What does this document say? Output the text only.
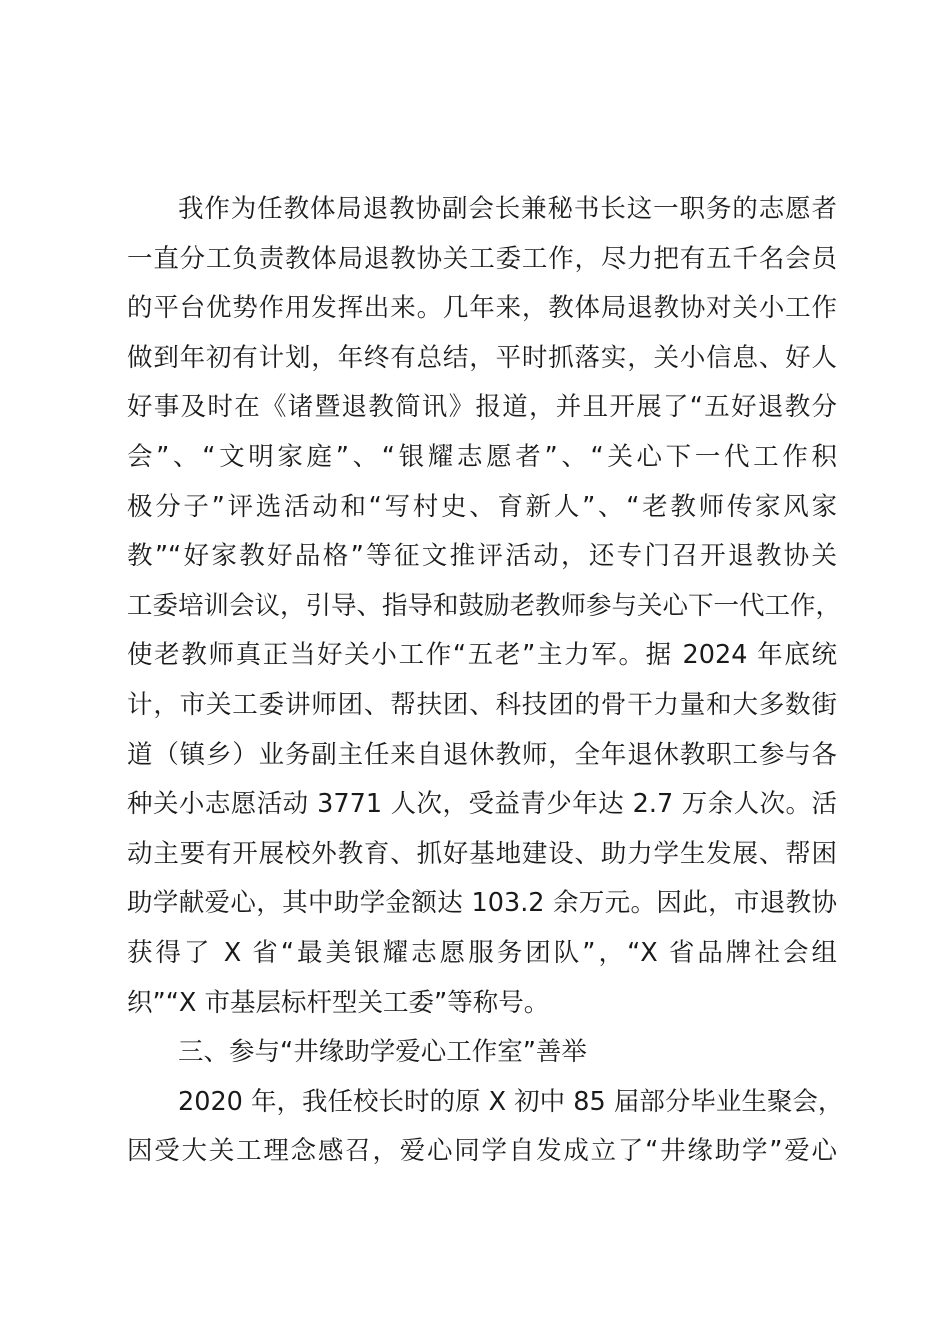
我作为任教体局退教协副会长兼秘书长这一职务的志愿者
一直分工负责教体局退教协关工委工作，尽力把有五千名会员
的平台优势作用发挥出来。几年来，教体局退教协对关小工作
做到年初有计划，年终有总结，平时抓落实，关小信息、好人
好事及时在《诸暨退教简讯》报道，并且开展了“五好退教分
会”、“文明家庭”、“银耀志愿者”、“关心下一代工作积
极分子”评选活动和“写村史、育新人”、“老教师传家风家
教”“好家教好品格”等征文推评活动，还专门召开退教协关
工委培训会议，引导、指导和鼓励老教师参与关心下一代工作，
使老教师真正当好关小工作“五老”主力军。据 2024 年底统
计，市关工委讲师团、帮扶团、科技团的骨干力量和大多数街
道（镇乡）业务副主任来自退休教师，全年退休教职工参与各
种关小志愿活动 3771 人次，受益青少年达 2.7 万余人次。活
动主要有开展校外教育、抓好基地建设、助力学生发展、帮困
助学献爱心，其中助学金额达 103.2 余万元。因此，市退教协
获得了 X 省“最美银耀志愿服务团队”，“X 省品牌社会组
织”“X 市基层标杆型关工委”等称号。
三、参与“井缘助学爱心工作室”善举
2020 年，我任校长时的原 X 初中 85 届部分毕业生聚会，
因受大关工理念感召，爱心同学自发成立了“井缘助学”爱心
